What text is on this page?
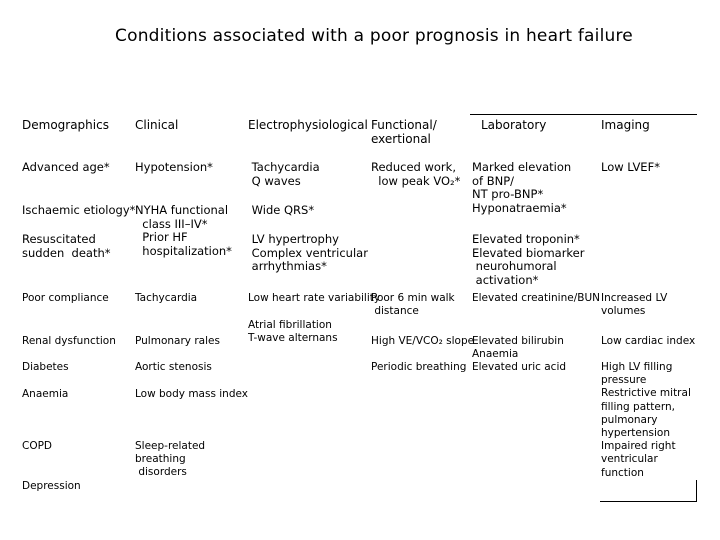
Conditions associated with a poor prognosis in heart failure
Demographics Clinical	Electrophysiological Functional/
exertional
Laboratory	Imaging
Advanced age*
Ischaemic etiology*
Resuscitated
sudden  death*
Poor compliance
Renal dysfunction
Diabetes
Anaemia
COPD
Depression
Hypotension*
NYHA functional
class III–IV*
Prior HF
hospitalization*
Tachycardia
Pulmonary rales
Aortic stenosis
Low body mass index
Sleep-related
breathing
disorders
Tachycardia
Q waves
Wide QRS*
LV hypertrophy
Complex ventricular
arrhythmias*
Low heart rate variability
Atrial fibrillation
T-wave alternans
Reduced work,
low peak VO₂*
Poor 6 min walk
distance
High VE/VCO₂ slope
Periodic breathing
Marked elevation
of BNP/
NT pro-BNP*
Hyponatraemia*
Elevated troponin*
Elevated biomarker
neurohumoral
activation*
Elevated creatinine/BUN
Elevated bilirubin
Anaemia
Elevated uric acid
Low LVEF*
Increased LV
volumes
Low cardiac index
High LV filling
pressure
Restrictive mitral
filling pattern,
pulmonary
hypertension
Impaired right
ventricular
function
